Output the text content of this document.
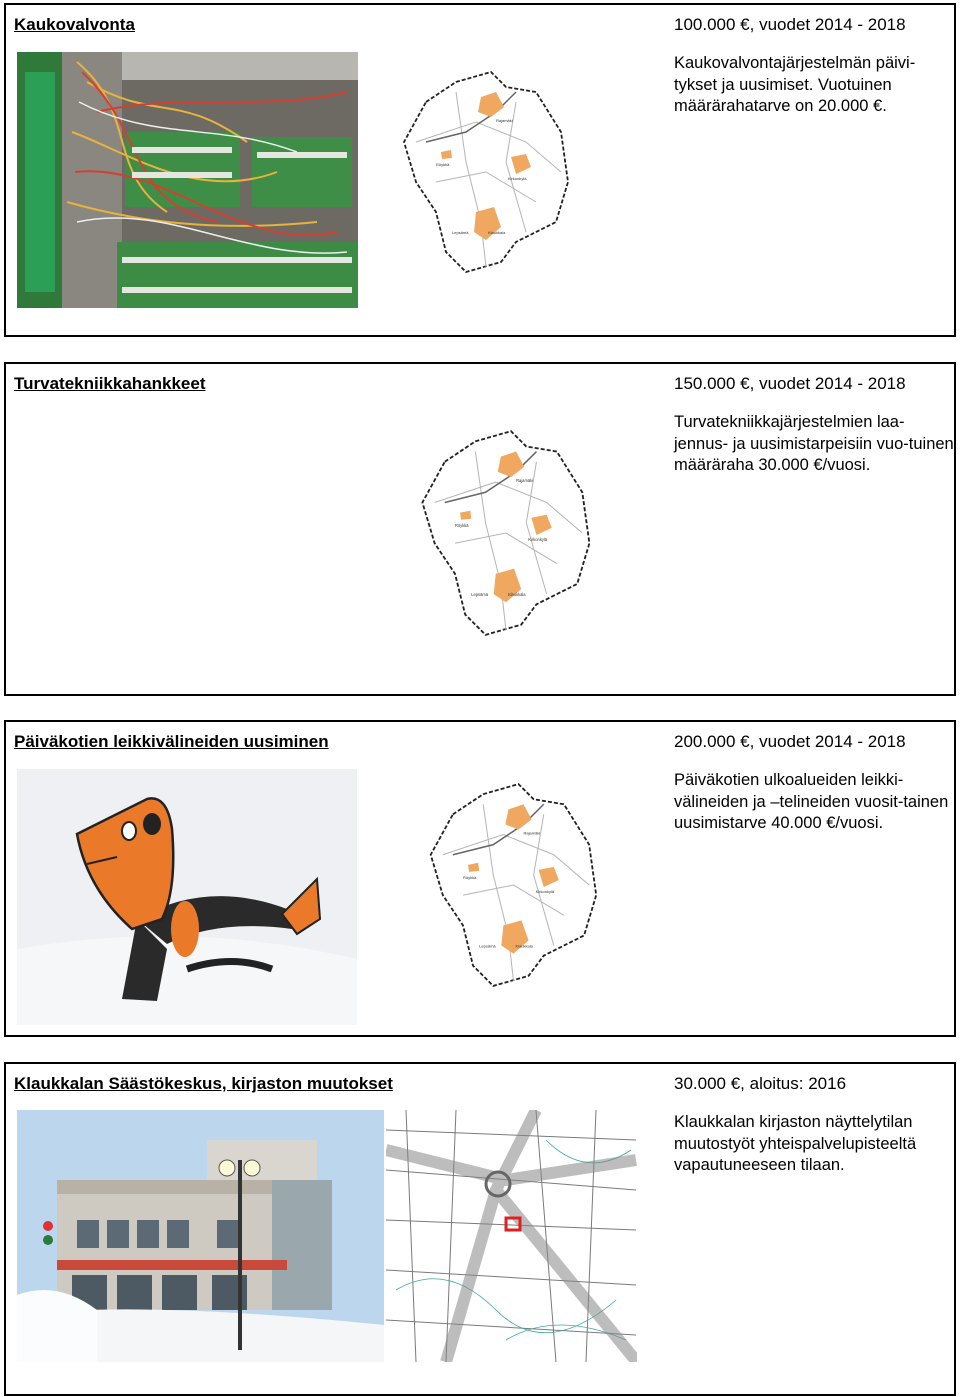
Kaukovalvonta	100.000 €, vuodet 2014 - 2018
Kaukovalvontajärjestelmän päivi-tykset ja uusimiset. Vuotuinen määrärahatarve on 20.000 €.
Rajamäki
Röykkä
Kirkonkylä
Klaukkala
Lepsämä
Turvatekniikkahankkeet	150.000 €, vuodet 2014 - 2018
Turvatekniikkajärjestelmien laa-jennus- ja uusimistarpeisiin vuo-tuinen määräraha 30.000 €/vuosi.
Rajamäki
Röykkä
Kirkonkylä
Klaukkala
Lepsämä
Päiväkotien leikkivälineiden uusiminen	200.000 €, vuodet 2014 - 2018
Päiväkotien ulkoalueiden leikki-välineiden ja –telineiden vuosit-tainen uusimistarve 40.000 €/vuosi.
Rajamäki
Röykkä
Kirkonkylä
Klaukkala
Lepsämä
Klaukkalan Säästökeskus, kirjaston muutokset	30.000 €, aloitus: 2016
Klaukkalan kirjaston näyttelytilan muutostyöt yhteispalvelupisteeltä vapautuneeseen tilaan.
